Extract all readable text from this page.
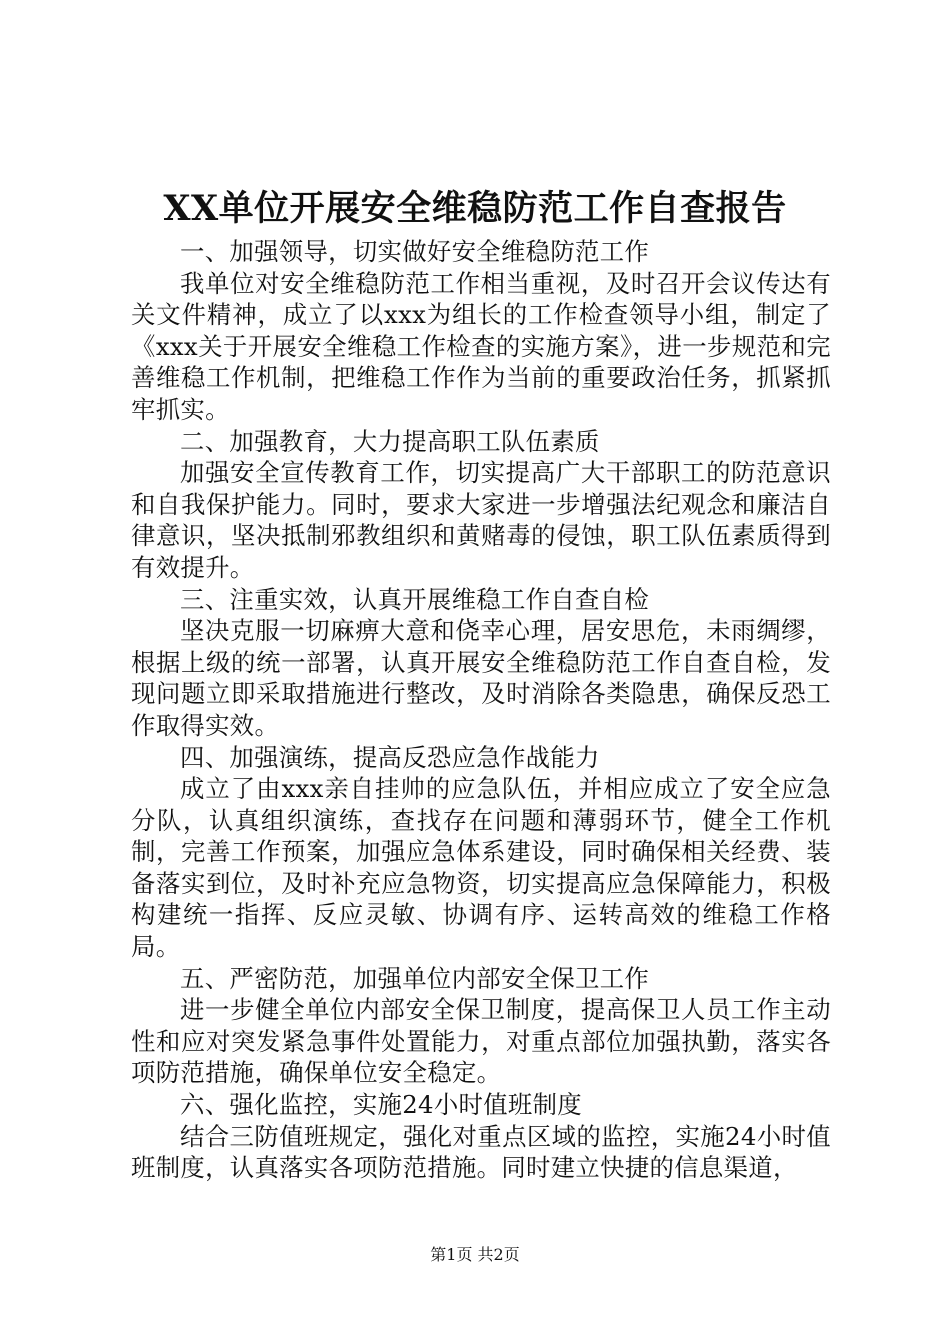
XX单位开展安全维稳防范工作自查报告

一、加强领导，切实做好安全维稳防范工作

我单位对安全维稳防范工作相当重视，及时召开会议传达有关文件精神，成立了以xxx为组长的工作检查领导小组，制定了《xxx关于开展安全维稳工作检查的实施方案》，进一步规范和完善维稳工作机制，把维稳工作作为当前的重要政治任务，抓紧抓牢抓实。

二、加强教育，大力提高职工队伍素质

加强安全宣传教育工作，切实提高广大干部职工的防范意识和自我保护能力。同时，要求大家进一步增强法纪观念和廉洁自律意识，坚决抵制邪教组织和黄赌毒的侵蚀，职工队伍素质得到有效提升。

三、注重实效，认真开展维稳工作自查自检

坚决克服一切麻痹大意和侥幸心理，居安思危，未雨绸缪，根据上级的统一部署，认真开展安全维稳防范工作自查自检，发现问题立即采取措施进行整改，及时消除各类隐患，确保反恐工作取得实效。

四、加强演练，提高反恐应急作战能力

成立了由xxx亲自挂帅的应急队伍，并相应成立了安全应急分队，认真组织演练，查找存在问题和薄弱环节，健全工作机制，完善工作预案，加强应急体系建设，同时确保相关经费、装备落实到位，及时补充应急物资，切实提高应急保障能力，积极构建统一指挥、反应灵敏、协调有序、运转高效的维稳工作格局。

五、严密防范，加强单位内部安全保卫工作

进一步健全单位内部安全保卫制度，提高保卫人员工作主动性和应对突发紧急事件处置能力，对重点部位加强执勤，落实各项防范措施，确保单位安全稳定。

六、强化监控，实施24小时值班制度

结合三防值班规定，强化对重点区域的监控，实施24小时值班制度，认真落实各项防范措施。同时建立快捷的信息渠道，

第1页 共2页
